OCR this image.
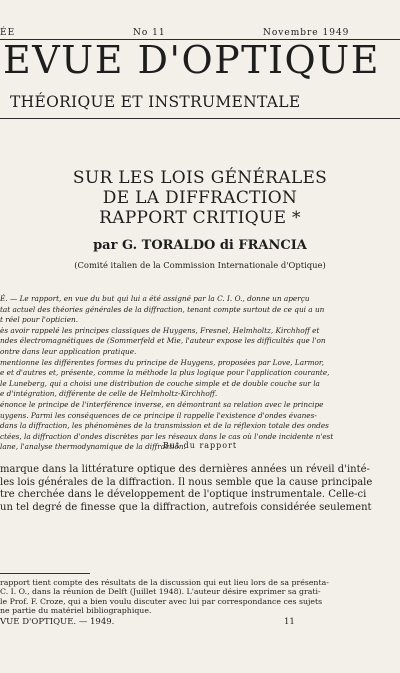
ÉE	No 11	Novembre 1949
EVUE D'OPTIQUE
THÉORIQUE ET INSTRUMENTALE
SUR LES LOIS GÉNÉRALES
DE LA DIFFRACTION
RAPPORT CRITIQUE *
par G. TORALDO di FRANCIA
(Comité italien de la Commission Internationale d'Optique)

É. — Le rapport, en vue du but qui lui a été assigné par la C. I. O., donne un aperçu

tat actuel des théories générales de la diffraction, tenant compte surtout de ce qui a un

t réel pour l'opticien.

ès avoir rappelé les principes classiques de Huygens, Fresnel, Helmholtz, Kirchhoff et

ndes électromagnétiques de (Sommerfeld et Mie, l'auteur expose les difficultés que l'on

ontre dans leur application pratique.

mentionne les différentes formes du principe de Huygens, proposées par Love, Larmor,

e et d'autres et, présente, comme la méthode la plus logique pour l'application courante,

le Luneberg, qui a choisi une distribution de couche simple et de double couche sur la

e d'intégration, différente de celle de Helmholtz-Kirchhoff.

énonce le principe de l'interférence inverse, en démontrant sa relation avec le principe

uygens. Parmi les conséquences de ce principe il rappelle l'existence d'ondes évanes-

dans la diffraction, les phénomènes de la transmission et de la réflexion totale des ondes

ctées, la diffraction d'ondes discrètes par les réseaux dans le cas où l'onde incidente n'est

lane, l'analyse thermodynamique de la diffraction.

But du rapport

marque dans la littérature optique des dernières années un réveil d'inté-

les lois générales de la diffraction. Il nous semble que la cause principale

tre cherchée dans le développement de l'optique instrumentale. Celle-ci

un tel degré de finesse que la diffraction, autrefois considérée seulement

rapport tient compte des résultats de la discussion qui eut lieu lors de sa présenta-
C. I. O., dans la réunion de Delft (Juillet 1948). L'auteur désire exprimer sa grati-
le Prof. F. Croze, qui a bien voulu discuter avec lui par correspondance ces sujets
ne partie du matériel bibliographique.
VUE D'OPTIQUE. — 1949.	11
